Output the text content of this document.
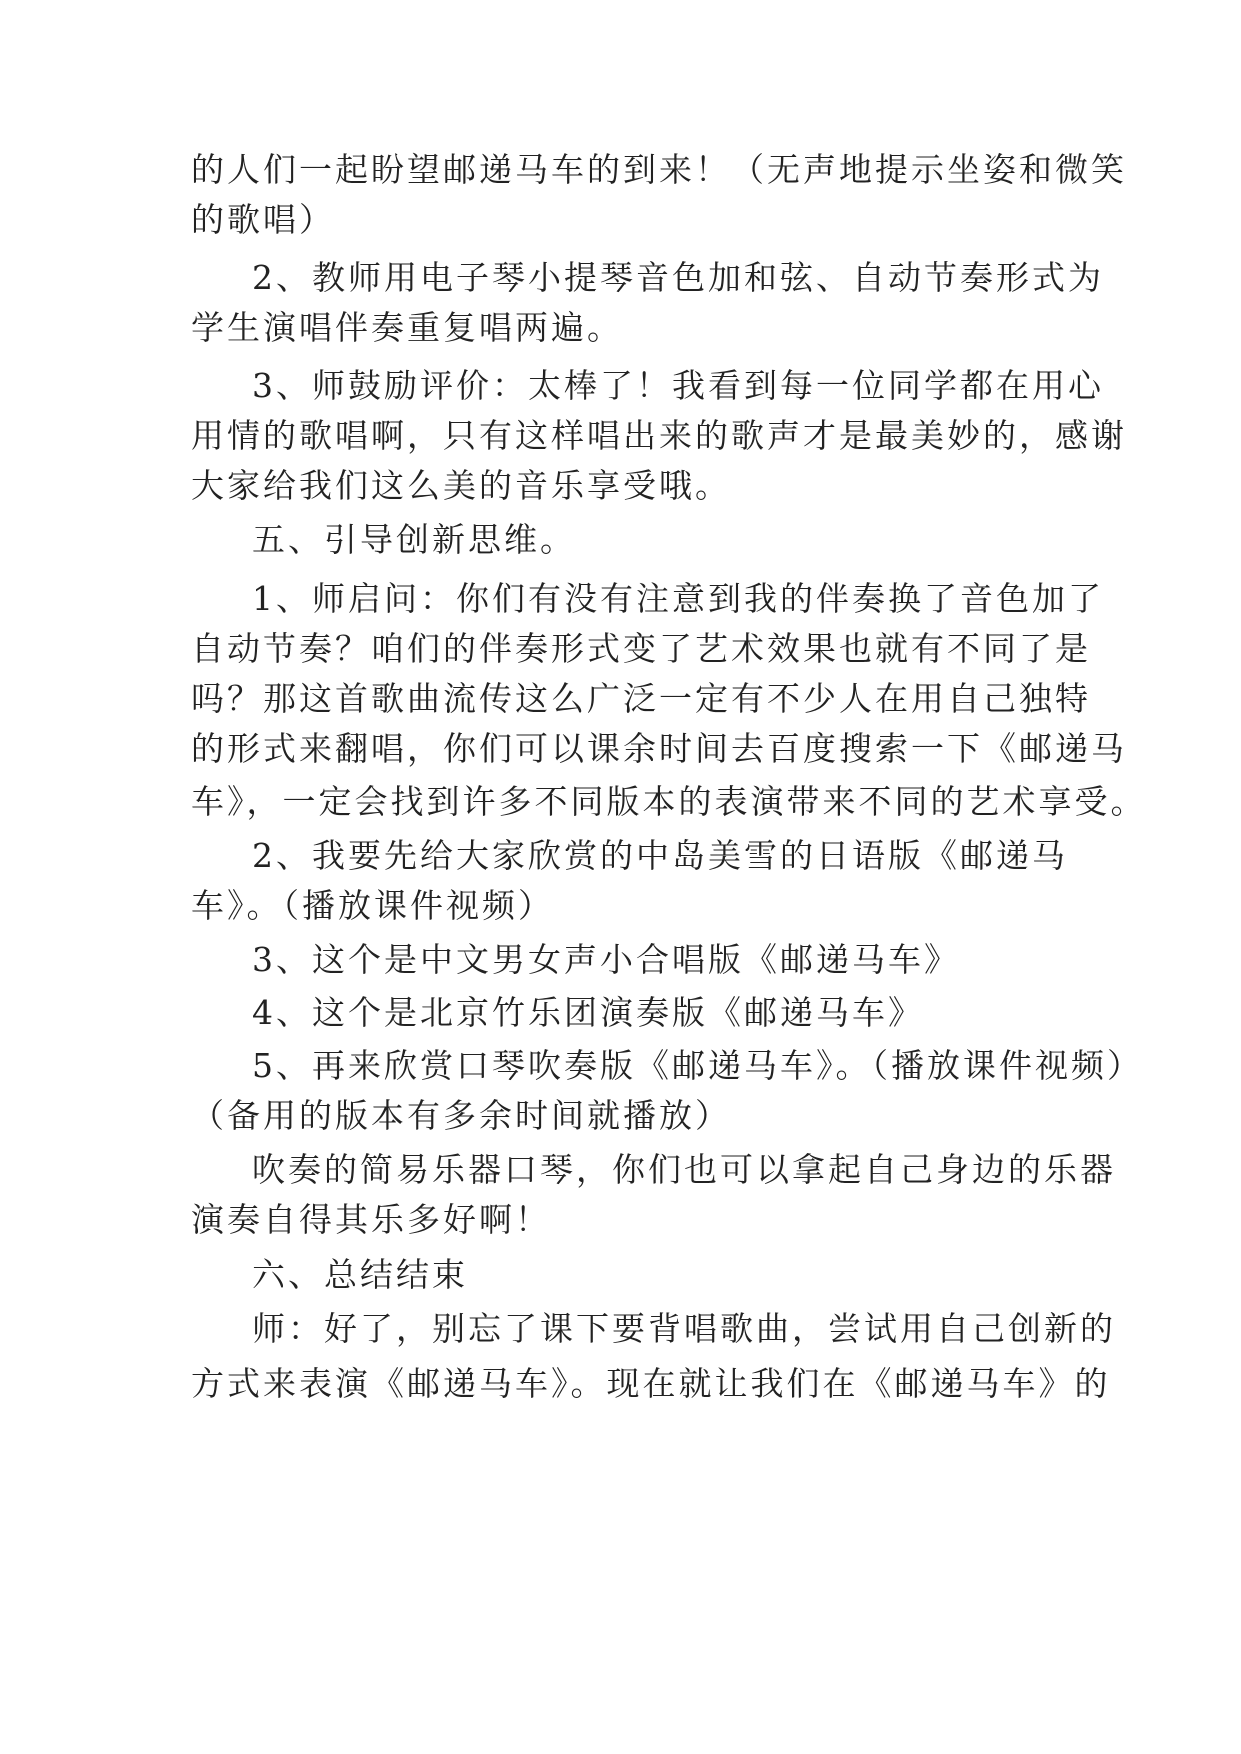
的人们一起盼望邮递马车的到来！（无声地提示坐姿和微笑
的歌唱）
2、教师用电子琴小提琴音色加和弦、自动节奏形式为
学生演唱伴奏重复唱两遍。
3、师鼓励评价：太棒了！我看到每一位同学都在用心
用情的歌唱啊，只有这样唱出来的歌声才是最美妙的，感谢
大家给我们这么美的音乐享受哦。
五、引导创新思维。
1、师启问：你们有没有注意到我的伴奏换了音色加了
自动节奏？咱们的伴奏形式变了艺术效果也就有不同了是
吗？那这首歌曲流传这么广泛一定有不少人在用自己独特
的形式来翻唱，你们可以课余时间去百度搜索一下《邮递马
车》，一定会找到许多不同版本的表演带来不同的艺术享受。
2、我要先给大家欣赏的中岛美雪的日语版《邮递马
车》。（播放课件视频）
3、这个是中文男女声小合唱版《邮递马车》
4、这个是北京竹乐团演奏版《邮递马车》
5、再来欣赏口琴吹奏版《邮递马车》。（播放课件视频）
（备用的版本有多余时间就播放）
吹奏的简易乐器口琴，你们也可以拿起自己身边的乐器
演奏自得其乐多好啊！
六、总结结束
师：好了，别忘了课下要背唱歌曲，尝试用自己创新的
方式来表演《邮递马车》。现在就让我们在《邮递马车》的
